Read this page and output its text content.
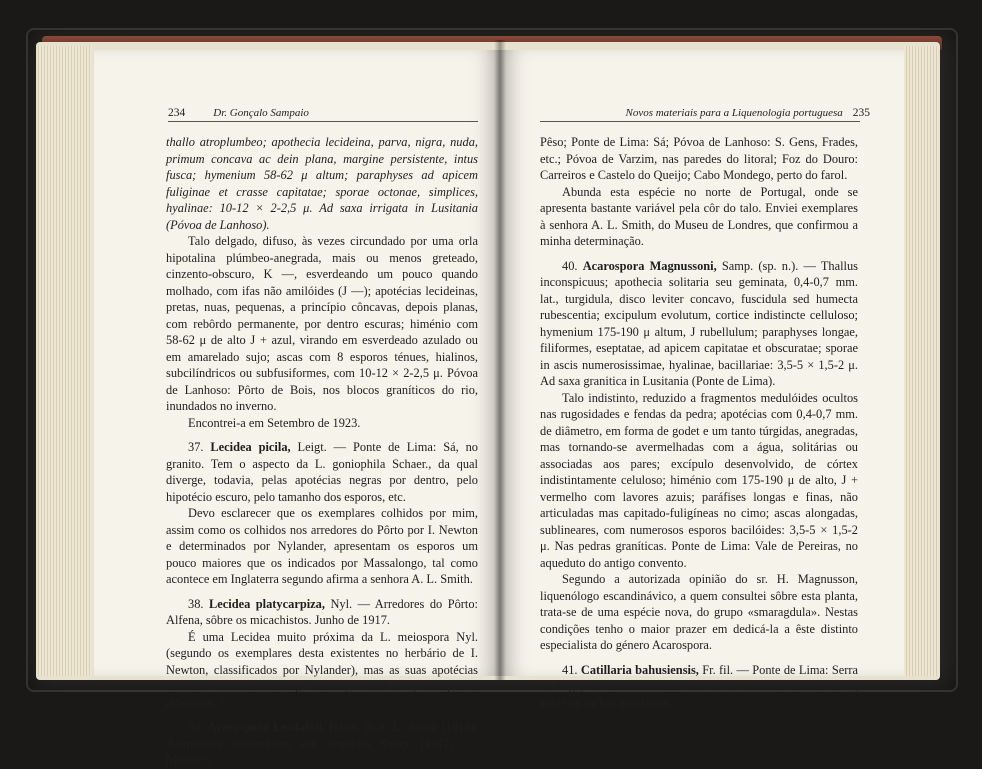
234	Dr. Gonçalo Sampaio

thallo atroplumbeo; apothecia lecideina, parva, nigra, nuda, primum concava ac dein plana, margine persistente, intus fusca; hymenium 58-62 μ altum; paraphyses ad apicem fuliginae et crasse capitatae; sporae octonae, simplices, hyalinae: 10-12 × 2-2,5 μ. Ad saxa irrigata in Lusitania (Póvoa de Lanhoso).

Talo delgado, difuso, às vezes circundado por uma orla hipotalina plúmbeo-anegrada, mais ou menos greteado, cinzento-obscuro, K —, esverdeando um pouco quando molhado, com ifas não amilóides (J —); apotécias lecideinas, pretas, nuas, pequenas, a princípio côncavas, depois planas, com rebôrdo permanente, por dentro escuras; himénio com 58-62 μ de alto J + azul, virando em esverdeado azulado ou em amarelado sujo; ascas com 8 esporos ténues, hialinos, subcilíndricos ou subfusiformes, com 10-12 × 2-2,5 μ. Póvoa de Lanhoso: Pôrto de Bois, nos blocos graníticos do rio, inundados no inverno.

Encontrei-a em Setembro de 1923.

37. Lecidea picila, Leigt. — Ponte de Lima: Sá, no granito. Tem o aspecto da L. goniophila Schaer., da qual diverge, todavia, pelas apotécias negras por dentro, pelo hipotécio escuro, pelo tamanho dos esporos, etc.

Devo esclarecer que os exemplares colhidos por mim, assim como os colhidos nos arredores do Pôrto por I. Newton e determinados por Nylander, apresentam os esporos um pouco maiores que os indicados por Massalongo, tal como acontece em Inglaterra segundo afirma a senhora A. L. Smith.

38. Lecidea platycarpiza, Nyl. — Arredores do Pôrto: Alfena, sôbre os micachistos. Junho de 1917.

É uma Lecidea muito próxima da L. meiospora Nyl. (segundo os exemplares desta existentes no herbário de I. Newton, classificados por Nylander), mas as suas apotécias não se tornam convexas. ¿ Trata-se, na realidade, de espécies diferentes ?

39. Acarospora Lesdainii, Harm. in A. L. Smith (1918): Acarospora flavorubens var. angulosa Samp. (1917). — Melgaço:

Novos materiais para a Liquenologia portuguesa 235

Pêso; Ponte de Lima: Sá; Póvoa de Lanhoso: S. Gens, Frades, etc.; Póvoa de Varzim, nas paredes do litoral; Foz do Douro: Carreiros e Castelo do Queijo; Cabo Mondego, perto do farol.

Abunda esta espécie no norte de Portugal, onde se apresenta bastante variável pela côr do talo. Enviei exemplares à senhora A. L. Smith, do Museu de Londres, que confirmou a minha determinação.

40. Acarospora Magnussoni, Samp. (sp. n.). — Thallus inconspicuus; apothecia solitaria seu geminata, 0,4-0,7 mm. lat., turgidula, disco leviter concavo, fuscidula sed humecta rubescentia; excipulum evolutum, cortice indistincte celluloso; hymenium 175-190 μ altum, J rubellulum; paraphyses longae, filiformes, eseptatae, ad apicem capitatae et obscuratae; sporae in ascis numerosissimae, hyalinae, bacillariae: 3,5-5 × 1,5-2 μ. Ad saxa granitica in Lusitania (Ponte de Lima).

Talo indistinto, reduzido a fragmentos medulóides ocultos nas rugosidades e fendas da pedra; apotécias com 0,4-0,7 mm. de diâmetro, em forma de godet e um tanto túrgidas, anegradas, mas tornando-se avermelhadas com a água, solitárias ou associadas aos pares; excípulo desenvolvido, de córtex indistintamente celuloso; himénio com 175-190 μ de alto, J + vermelho com lavores azuis; paráfises longas e finas, não articuladas mas capitado-fuligíneas no cimo; ascas alongadas, sublineares, com numerosos esporos bacilóides: 3,5-5 × 1,5-2 μ. Nas pedras graníticas. Ponte de Lima: Vale de Pereiras, no aqueduto do antigo convento.

Segundo a autorizada opinião do sr. H. Magnusson, liquenólogo escandinávico, a quem consultei sôbre esta planta, trata-se de uma espécie nova, do grupo «smaragdula». Nestas condições tenho o maior prazer em dedicá-la a êste distinto especialista do género Acarospora.

41. Catillaria bahusiensis, Fr. fil. — Ponte de Lima: Serra de Arga, em S.ta Justa. Colhida em 13 de Setembro de 1916, sôbre as rochas quartzosas.
